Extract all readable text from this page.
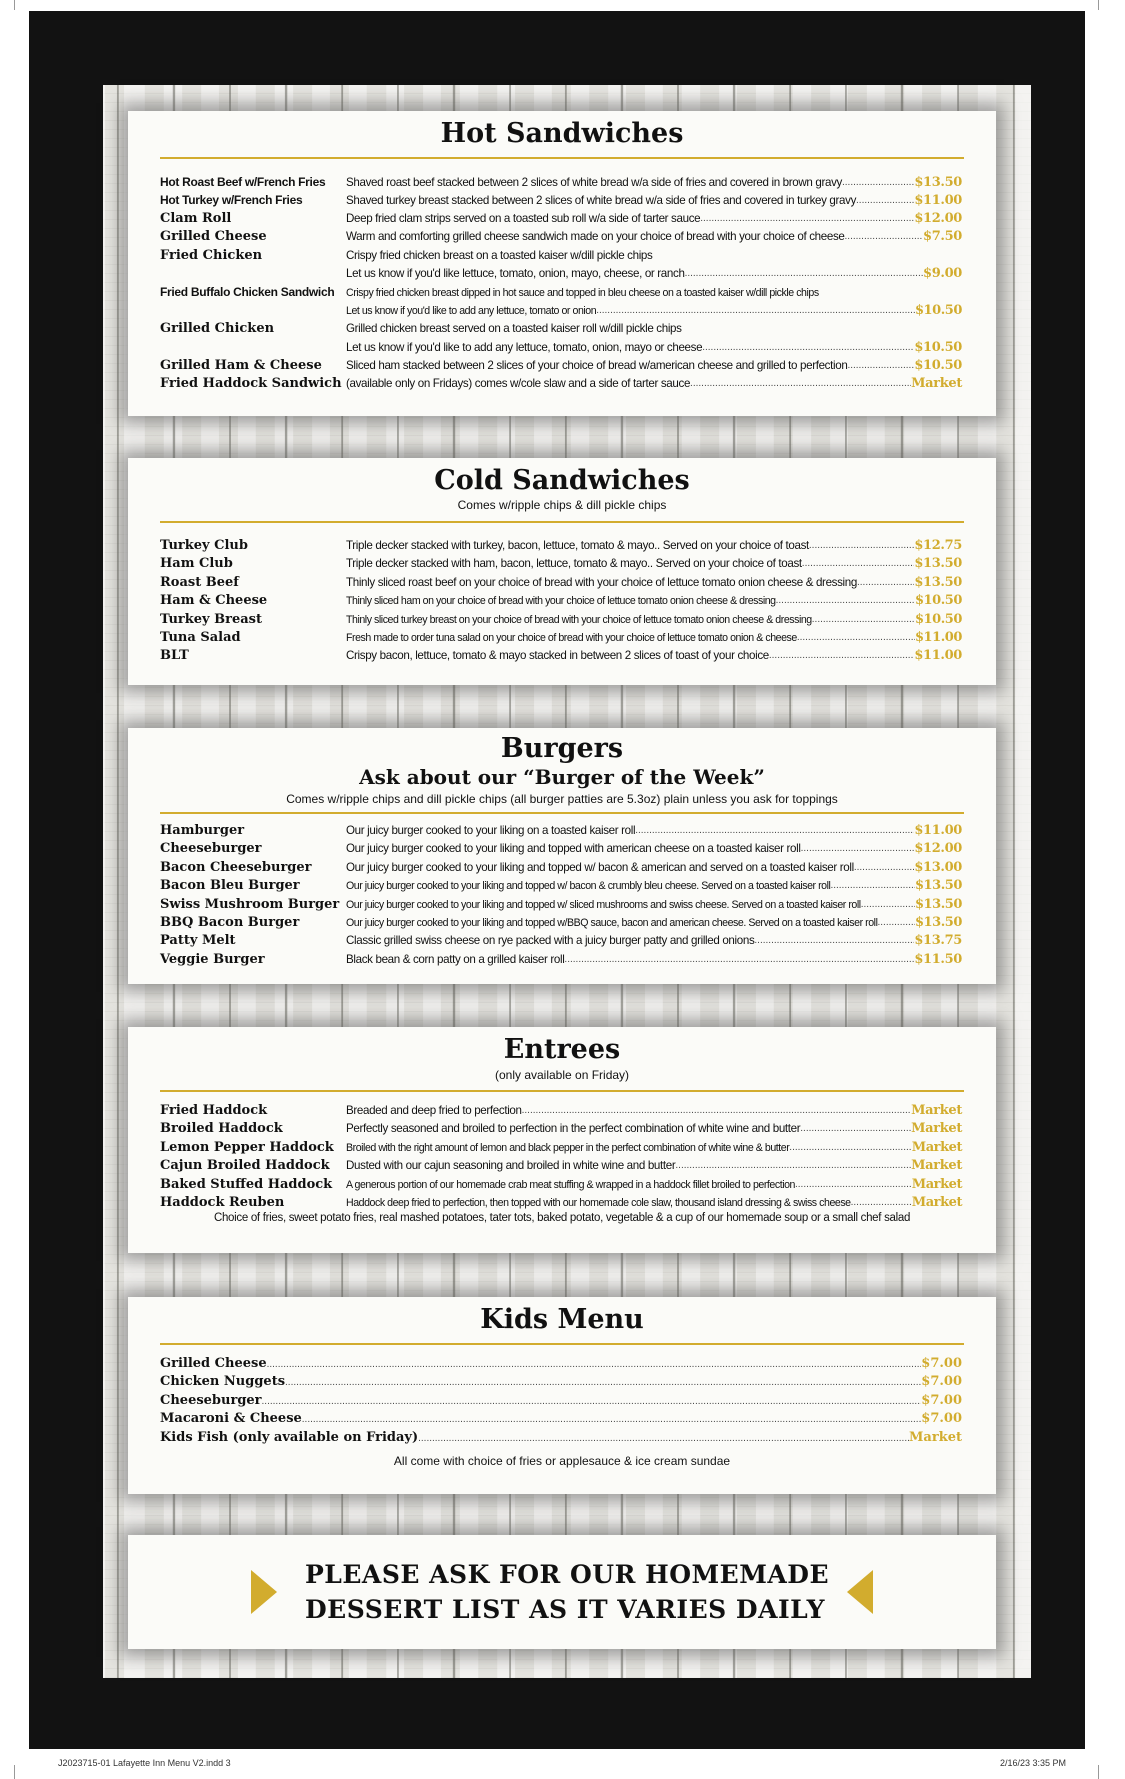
Hot Sandwiches
Hot Roast Beef w/French Fries	Shaved roast beef stacked between 2 slices of white bread w/a side of fries and covered in brown gravy .....	$13.50
Hot Turkey w/French Fries	Shaved turkey breast stacked between 2 slices of white bread w/a side of fries and covered in turkey gravy .....	$11.00
Clam Roll	Deep fried clam strips served on a toasted sub roll w/a side of tarter sauce .....	$12.00
Grilled Cheese	Warm and comforting grilled cheese sandwich made on your choice of bread with your choice of cheese .....	$7.50
Fried Chicken	Crispy fried chicken breast on a toasted kaiser w/dill pickle chips
Let us know if you'd like lettuce, tomato, onion, mayo, cheese, or ranch .....	$9.00
Fried Buffalo Chicken Sandwich	Crispy fried chicken breast dipped in hot sauce and topped in bleu cheese on a toasted kaiser w/dill pickle chips
Let us know if you'd like to add any lettuce, tomato or onion .....	$10.50
Grilled Chicken	Grilled chicken breast served on a toasted kaiser roll w/dill pickle chips
Let us know if you'd like to add any lettuce, tomato, onion, mayo or cheese .....	$10.50
Grilled Ham & Cheese	Sliced ham stacked between 2 slices of your choice of bread w/american cheese and grilled to perfection .....	$10.50
Fried Haddock Sandwich (available only on Fridays) comes w/cole slaw and a side of tarter sauce .....	Market
Cold Sandwiches
Comes w/ripple chips & dill pickle chips
Turkey Club	Triple decker stacked with turkey, bacon, lettuce, tomato & mayo.. Served on your choice of toast .....	$12.75
Ham Club	Triple decker stacked with ham, bacon, lettuce, tomato & mayo.. Served on your choice of toast .....	$13.50
Roast Beef	Thinly sliced roast beef on your choice of bread with your choice of lettuce tomato onion cheese & dressing .....	$13.50
Ham & Cheese	Thinly sliced ham on your choice of bread with your choice of lettuce tomato onion cheese & dressing .....	$10.50
Turkey Breast	Thinly sliced turkey breast on your choice of bread with your choice of lettuce tomato onion cheese & dressing .....	$10.50
Tuna Salad	Fresh made to order tuna salad on your choice of bread with your choice of lettuce tomato onion & cheese .....	$11.00
BLT	Crispy bacon, lettuce, tomato & mayo stacked in between 2 slices of toast of your choice .....	$11.00
Burgers
Ask about our “Burger of the Week”
Comes w/ripple chips and dill pickle chips (all burger patties are 5.3oz) plain unless you ask for toppings
Hamburger	Our juicy burger cooked to your liking on a toasted kaiser roll .....	$11.00
Cheeseburger	Our juicy burger cooked to your liking and topped with american cheese on a toasted kaiser roll .....	$12.00
Bacon Cheeseburger	Our juicy burger cooked to your liking and topped w/ bacon & american and served on a toasted kaiser roll .....	$13.00
Bacon Bleu Burger	Our juicy burger cooked to your liking and topped w/ bacon & crumbly bleu cheese. Served on a toasted kaiser roll .....	$13.50
Swiss Mushroom Burger Our juicy burger cooked to your liking and topped w/ sliced mushrooms and swiss cheese. Served on a toasted kaiser roll .....	$13.50
BBQ Bacon Burger	Our juicy burger cooked to your liking and topped w/BBQ sauce, bacon and american cheese. Served on a toasted kaiser roll .....	$13.50
Patty Melt	Classic grilled swiss cheese on rye packed with a juicy burger patty and grilled onions .....	$13.75
Veggie Burger	Black bean & corn patty on a grilled kaiser roll .....	$11.50
Entrees
(only available on Friday)
Fried Haddock	Breaded and deep fried to perfection .....	Market
Broiled Haddock	Perfectly seasoned and broiled to perfection in the perfect combination of white wine and butter .....	Market
Lemon Pepper Haddock	Broiled with the right amount of lemon and black pepper in the perfect combination of white wine & butter .....	Market
Cajun Broiled Haddock	Dusted with our cajun seasoning and broiled in white wine and butter .....	Market
Baked Stuffed Haddock	A generous portion of our homemade crab meat stuffing & wrapped in a haddock fillet broiled to perfection .....	Market
Haddock Reuben	Haddock deep fried to perfection, then topped with our homemade cole slaw, thousand island dressing & swiss cheese .....	Market
Choice of fries, sweet potato fries, real mashed potatoes, tater tots, baked potato, vegetable & a cup of our homemade soup or a small chef salad
Kids Menu
Grilled Cheese .....	$7.00
Chicken Nuggets .....	$7.00
Cheeseburger .....	$7.00
Macaroni & Cheese .....	$7.00
Kids Fish (only available on Friday) .....	Market
All come with choice of fries or applesauce & ice cream sundae
PLEASE ASK FOR OUR HOMEMADE
DESSERT LIST AS IT VARIES DAILY
J2023715-01 Lafayette Inn Menu V2.indd 3	2/16/23 3:35 PM
